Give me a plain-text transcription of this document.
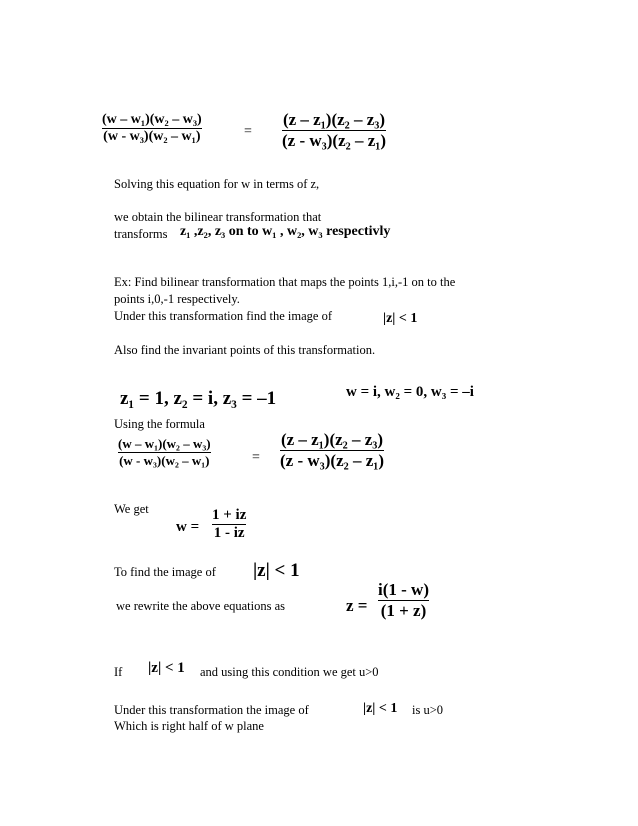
(w – w₁)(w₂ – w₃)
(w - w₃)(w₂ – w₁)	=
(z – z₁)(z₂ – z₃)
(z - w₃)(z₂ – z₁)
Solving this equation for w in terms of z,
we obtain the bilinear transformation that
transforms z₁ ,z₂, z₃ on to w₁ , w₂, w₃ respectivly
Ex: Find bilinear transformation that maps the points 1,i,-1 on to the
points i,0,-1 respectively.
Under this transformation find the image of	|z| < 1
Also find the invariant points of this transformation.
z₁ = 1, z₂ = i, z₃ = –1	w = i, w₂ = 0, w₃ = –i
Using the formula
(w – w₁)(w₂ – w₃)
(w - w₃)(w₂ – w₁)	=
(z – z₁)(z₂ – z₃)
(z - w₃)(z₂ – z₁)
We get
w =
1 + iz
1 - iz
To find the image of |z| < 1
we rewrite the above equations as	z =
i(1 - w)
(1 + z)
If |z| < 1 and using this condition we get u>0
Under this transformation the image of	|z| < 1 is u>0
Which is right half of w plane
